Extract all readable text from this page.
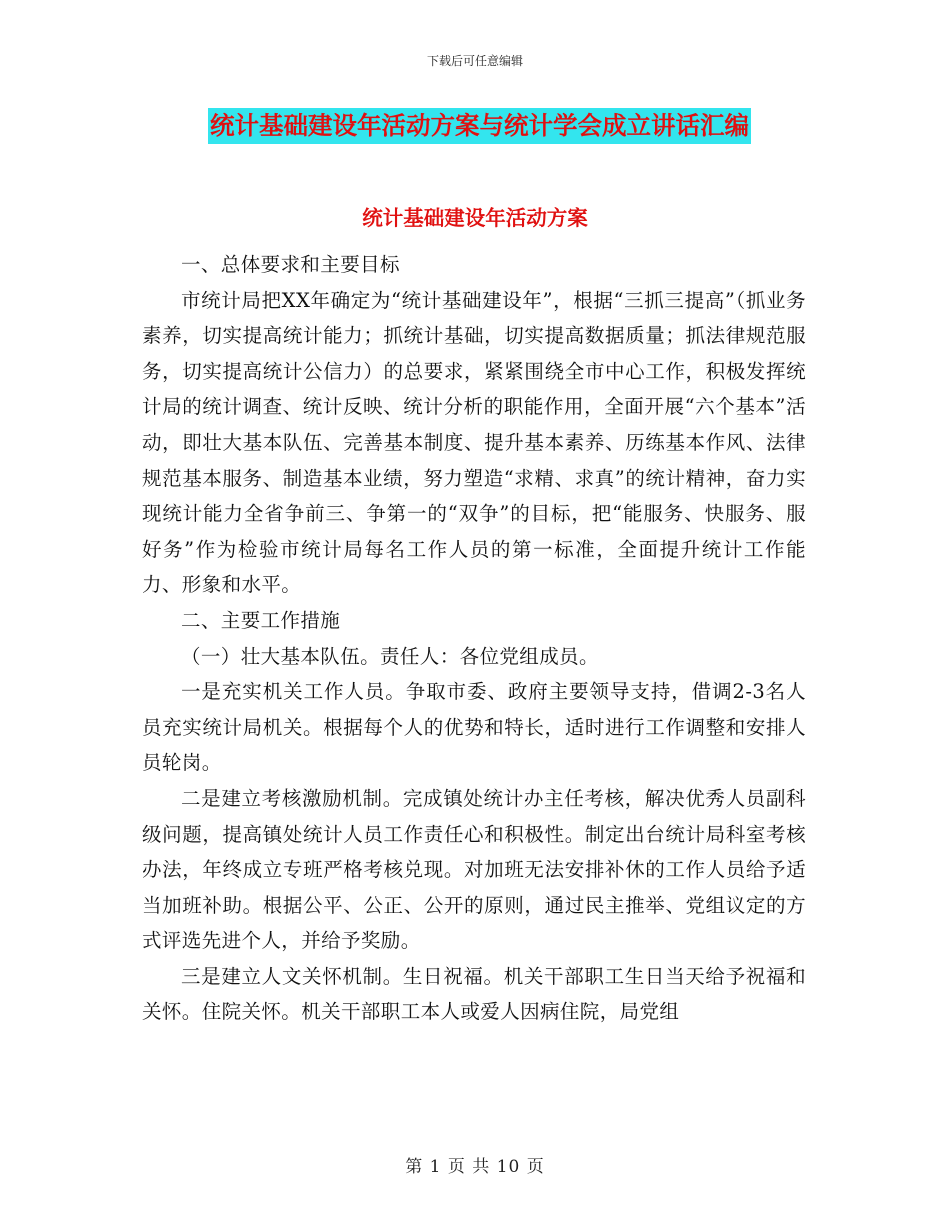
下载后可任意编辑
统计基础建设年活动方案与统计学会成立讲话汇编
统计基础建设年活动方案

一、总体要求和主要目标

市统计局把XX年确定为“统计基础建设年”，根据“三抓三提高”（抓业务素养，切实提高统计能力；抓统计基础，切实提高数据质量；抓法律规范服务，切实提高统计公信力）的总要求，紧紧围绕全市中心工作，积极发挥统计局的统计调查、统计反映、统计分析的职能作用，全面开展“六个基本”活动，即壮大基本队伍、完善基本制度、提升基本素养、历练基本作风、法律规范基本服务、制造基本业绩，努力塑造“求精、求真”的统计精神，奋力实现统计能力全省争前三、争第一的“双争”的目标，把“能服务、快服务、服好务”作为检验市统计局每名工作人员的第一标准，全面提升统计工作能力、形象和水平。

二、主要工作措施

（一）壮大基本队伍。责任人：各位党组成员。

一是充实机关工作人员。争取市委、政府主要领导支持，借调2-3名人员充实统计局机关。根据每个人的优势和特长，适时进行工作调整和安排人员轮岗。

二是建立考核激励机制。完成镇处统计办主任考核，解决优秀人员副科级问题，提高镇处统计人员工作责任心和积极性。制定出台统计局科室考核办法，年终成立专班严格考核兑现。对加班无法安排补休的工作人员给予适当加班补助。根据公平、公正、公开的原则，通过民主推举、党组议定的方式评选先进个人，并给予奖励。

三是建立人文关怀机制。生日祝福。机关干部职工生日当天给予祝福和关怀。住院关怀。机关干部职工本人或爱人因病住院，局党组

第 1 页 共 10 页
